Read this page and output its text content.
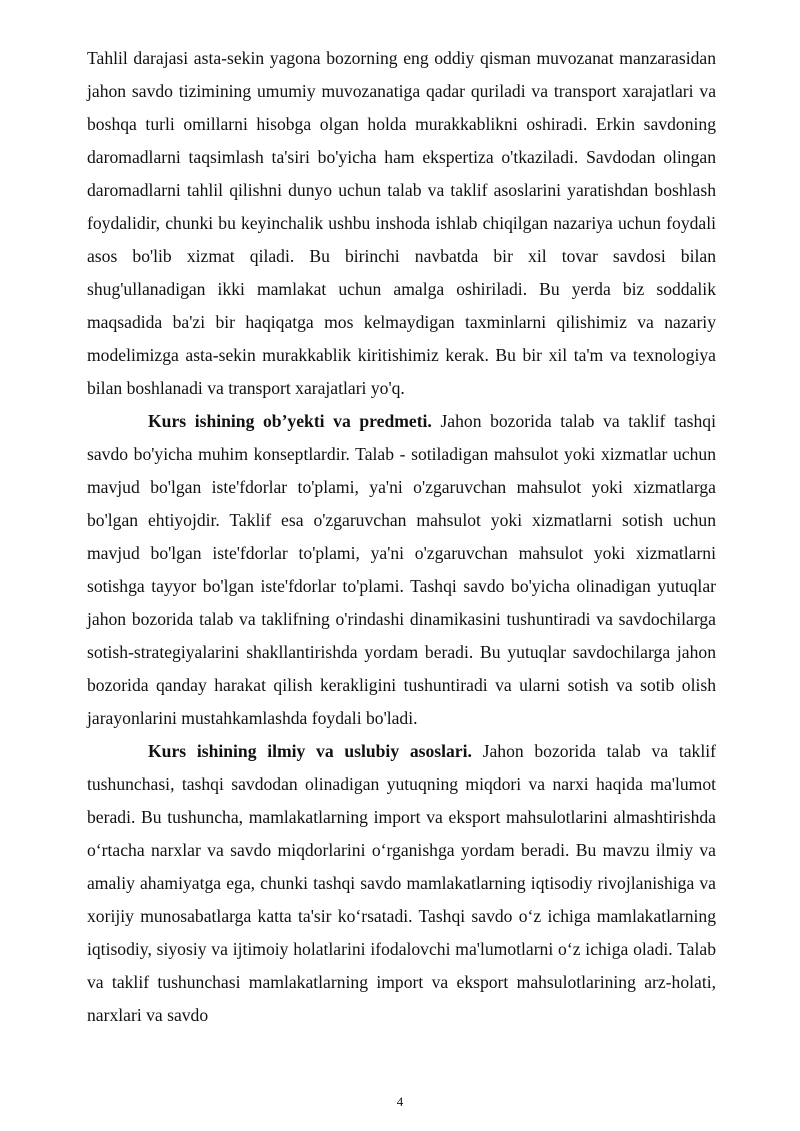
Tahlil darajasi asta-sekin yagona bozorning eng oddiy qisman muvozanat manzarasidan jahon savdo tizimining umumiy muvozanatiga qadar quriladi va transport xarajatlari va boshqa turli omillarni hisobga olgan holda murakkablikni oshiradi. Erkin savdoning daromadlarni taqsimlash ta'siri bo'yicha ham ekspertiza o'tkaziladi. Savdodan olingan daromadlarni tahlil qilishni dunyo uchun talab va taklif asoslarini yaratishdan boshlash foydalidir, chunki bu keyinchalik ushbu inshoda ishlab chiqilgan nazariya uchun foydali asos bo'lib xizmat qiladi. Bu birinchi navbatda bir xil tovar savdosi bilan shug'ullanadigan ikki mamlakat uchun amalga oshiriladi. Bu yerda biz soddalik maqsadida ba'zi bir haqiqatga mos kelmaydigan taxminlarni qilishimiz va nazariy modelimizga asta-sekin murakkablik kiritishimiz kerak. Bu bir xil ta'm va texnologiya bilan boshlanadi va transport xarajatlari yo'q.

Kurs ishining ob’yekti va predmeti. Jahon bozorida talab va taklif tashqi savdo bo'yicha muhim konseptlardir. Talab - sotiladigan mahsulot yoki xizmatlar uchun mavjud bo'lgan iste'fdorlar to'plami, ya'ni o'zgaruvchan mahsulot yoki xizmatlarga bo'lgan ehtiyojdir. Taklif esa o'zgaruvchan mahsulot yoki xizmatlarni sotish uchun mavjud bo'lgan iste'fdorlar to'plami, ya'ni o'zgaruvchan mahsulot yoki xizmatlarni sotishga tayyor bo'lgan iste'fdorlar to'plami. Tashqi savdo bo'yicha olinadigan yutuqlar jahon bozorida talab va taklifning o'rindashi dinamikasini tushuntiradi va savdochilarga sotish-strategiyalarini shakllantirishda yordam beradi. Bu yutuqlar savdochilarga jahon bozorida qanday harakat qilish kerakligini tushuntiradi va ularni sotish va sotib olish jarayonlarini mustahkamlashda foydali bo'ladi.

Kurs ishining ilmiy va uslubiy asoslari. Jahon bozorida talab va taklif tushunchasi, tashqi savdodan olinadigan yutuqning miqdori va narxi haqida ma'lumot beradi. Bu tushuncha, mamlakatlarning import va eksport mahsulotlarini almashtirishda o‘rtacha narxlar va savdo miqdorlarini o‘rganishga yordam beradi. Bu mavzu ilmiy va amaliy ahamiyatga ega, chunki tashqi savdo mamlakatlarning iqtisodiy rivojlanishiga va xorijiy munosabatlarga katta ta'sir ko‘rsatadi. Tashqi savdo o‘z ichiga mamlakatlarning iqtisodiy, siyosiy va ijtimoiy holatlarini ifodalovchi ma'lumotlarni o‘z ichiga oladi. Talab va taklif tushunchasi mamlakatlarning import va eksport mahsulotlarining arz-holati, narxlari va savdo

4
